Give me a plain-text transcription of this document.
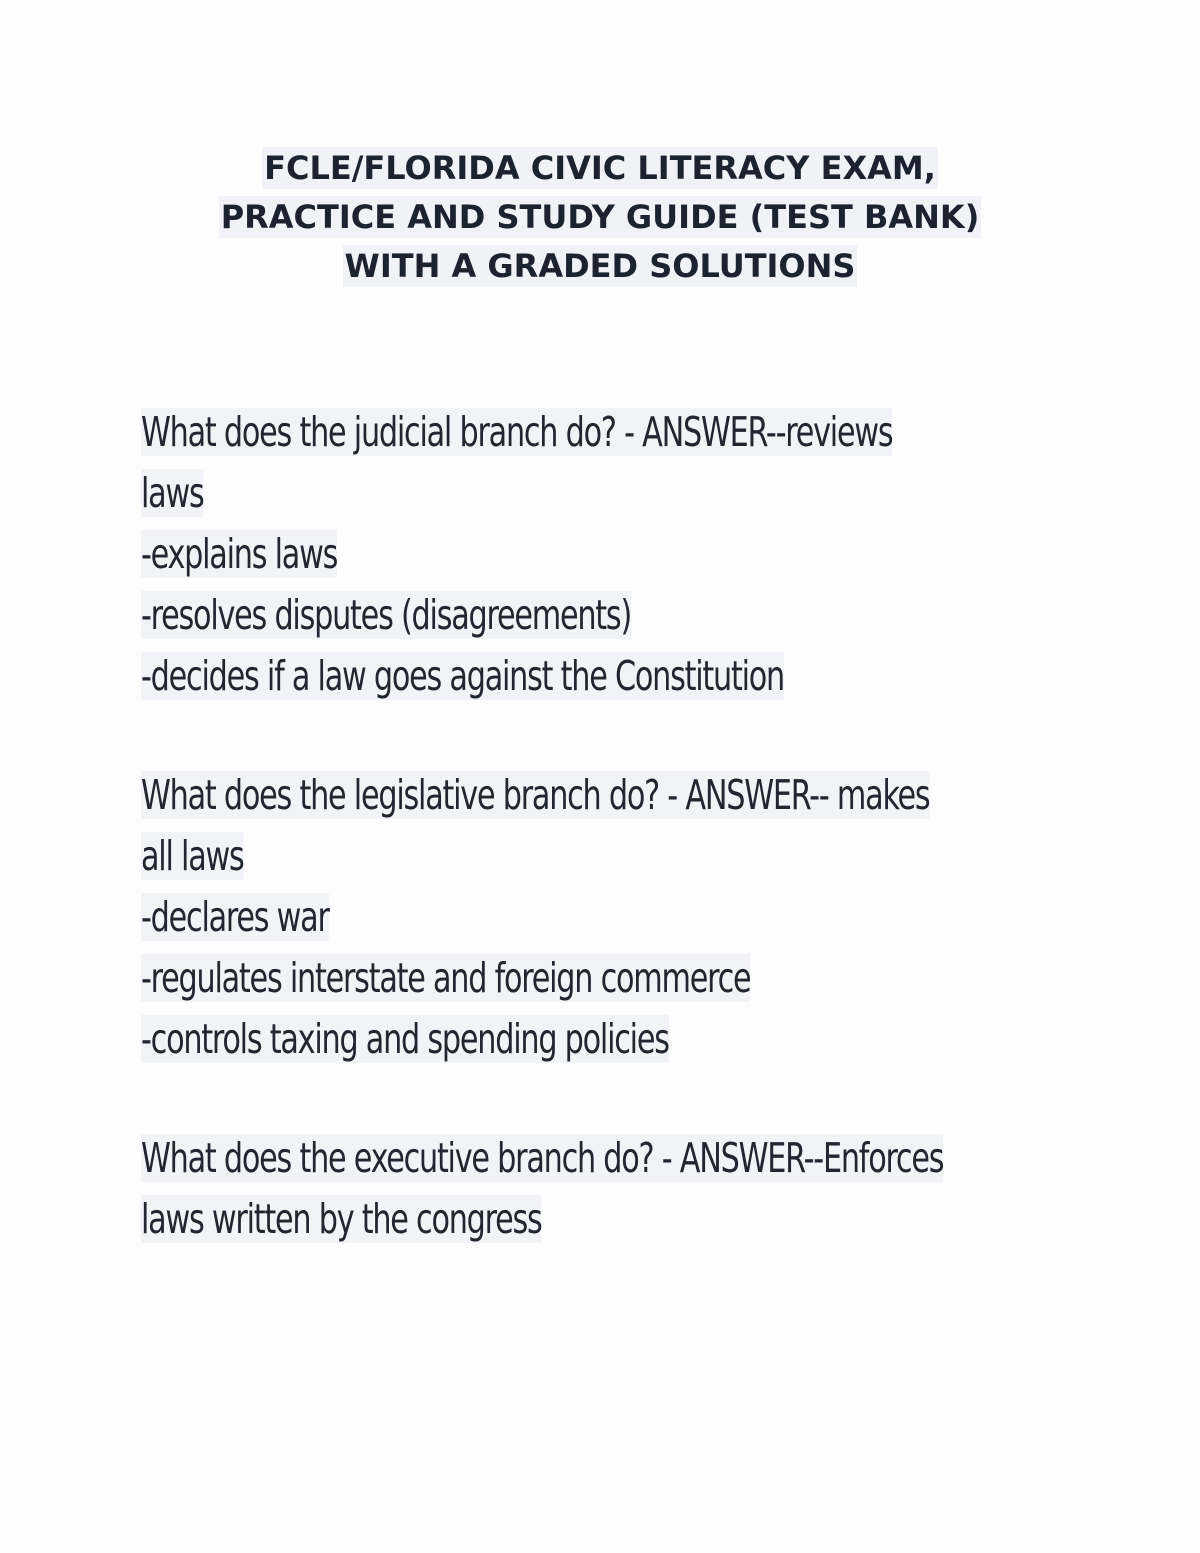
FCLE/FLORIDA CIVIC LITERACY EXAM,
PRACTICE AND STUDY GUIDE (TEST BANK)
WITH A GRADED SOLUTIONS
What does the judicial branch do? - ANSWER--reviews
laws
-explains laws
-resolves disputes (disagreements)
-decides if a law goes against the Constitution
What does the legislative branch do? - ANSWER-- makes
all laws
-declares war
-regulates interstate and foreign commerce
-controls taxing and spending policies
What does the executive branch do? - ANSWER--Enforces
laws written by the congress
